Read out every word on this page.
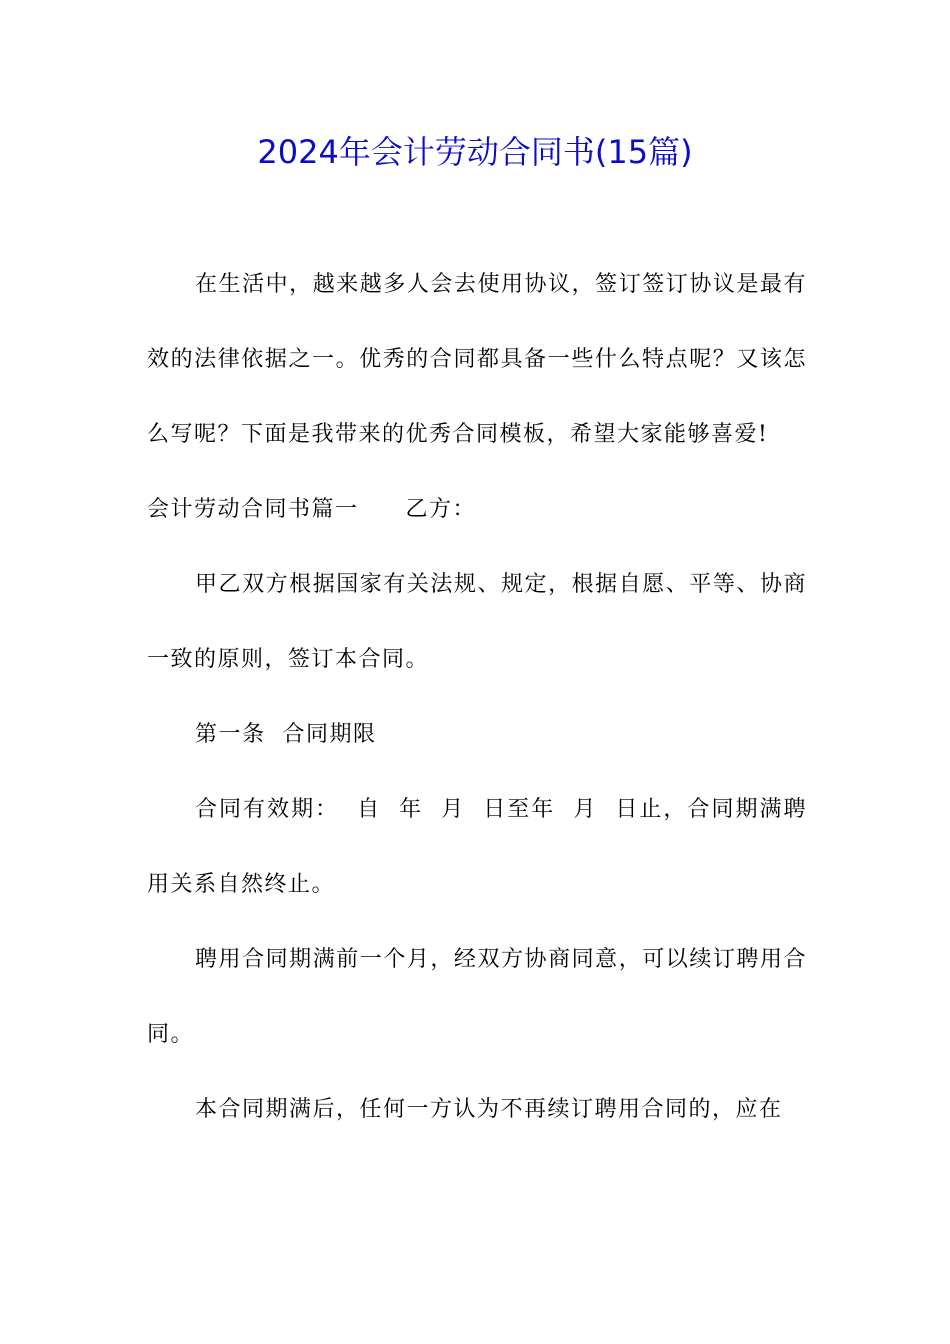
2024年会计劳动合同书(15篇)

在生活中，越来越多人会去使用协议，签订签订协议是最有效的法律依据之一。优秀的合同都具备一些什么特点呢？又该怎么写呢？下面是我带来的优秀合同模板，希望大家能够喜爱!

会计劳动合同书篇一　　乙方：

甲乙双方根据国家有关法规、规定，根据自愿、平等、协商一致的原则，签订本合同。

第一条  合同期限

合同有效期：  自  年  月  日至年  月  日止，合同期满聘用关系自然终止。

聘用合同期满前一个月，经双方协商同意，可以续订聘用合同。

本合同期满后，任何一方认为不再续订聘用合同的，应在
